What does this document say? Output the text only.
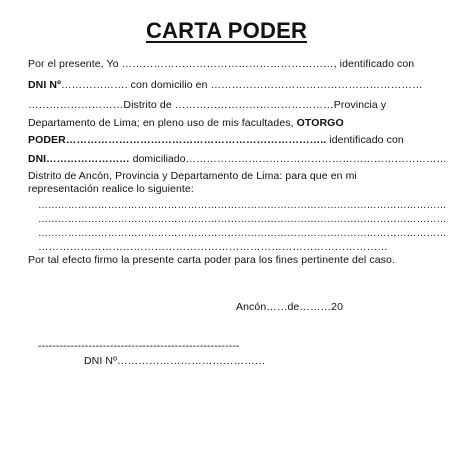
CARTA PODER
Por el presente, Yo ……………………………………………………, identificado con
DNI Nº………………. con domicilio en ……………………………………………………
………………………Distrito de ………………………………………Provincia y
Departamento de Lima; en pleno uso de mis facultades, OTORGO
PODER……………………………………………………………….. identificado con
DNI…………………… domiciliado…………………………………………………………………
Distrito de Ancón, Provincia y Departamento de Lima: para que en mi
representación realice lo siguiente:
……………………………………………………………………………………………………………
……………………………………………………………………………………………………………
……………………………………………………………………………………………………………
………………………………………………………………………………………
Por tal efecto firmo la presente carta poder para los fines pertinente del caso.
Ancón……de………20
--------------------------------------------------------
DNI Nº……………………………………
